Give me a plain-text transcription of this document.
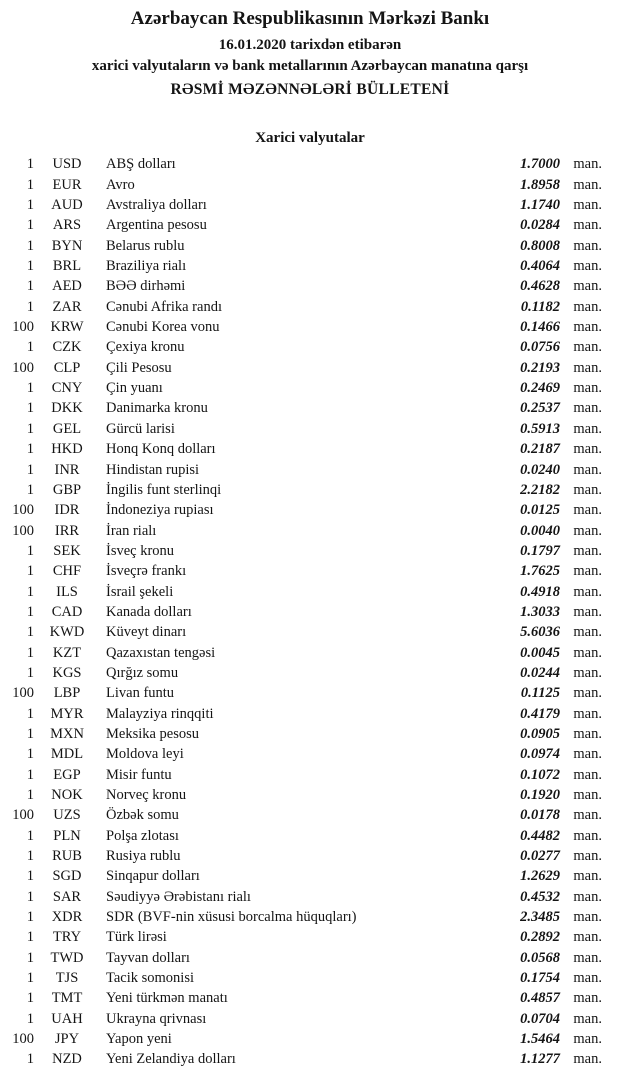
Azərbaycan Respublikasının Mərkəzi Bankı
16.01.2020 tarixdən etibarən
xarici valyutaların və bank metallarının Azərbaycan manatına qarşı
RƏSMİ MƏZƏNNƏLƏRİ BÜLLETENİ
Xarici valyutalar
1	USD	ABŞ dolları	1.7000 man.
1	EUR	Avro	1.8958 man.
1	AUD	Avstraliya dolları	1.1740 man.
1	ARS	Argentina pesosu	0.0284 man.
1	BYN	Belarus rublu	0.8008 man.
1	BRL	Braziliya rialı	0.4064 man.
1	AED	BƏƏ dirhəmi	0.4628 man.
1	ZAR	Cənubi Afrika randı	0.1182 man.
100	KRW	Cənubi Korea vonu	0.1466 man.
1	CZK	Çexiya kronu	0.0756 man.
100	CLP	Çili Pesosu	0.2193 man.
1	CNY	Çin yuanı	0.2469 man.
1	DKK	Danimarka kronu	0.2537 man.
1	GEL	Gürcü larisi	0.5913 man.
1	HKD	Honq Konq dolları	0.2187 man.
1	INR	Hindistan rupisi	0.0240 man.
1	GBP	İngilis funt sterlinqi	2.2182 man.
100	IDR	İndoneziya rupiası	0.0125 man.
100	IRR	İran rialı	0.0040 man.
1	SEK	İsveç kronu	0.1797 man.
1	CHF	İsveçrə frankı	1.7625 man.
1	ILS	İsrail şekeli	0.4918 man.
1	CAD	Kanada dolları	1.3033 man.
1	KWD	Küveyt dinarı	5.6036 man.
1	KZT	Qazaxıstan tengəsi	0.0045 man.
1	KGS	Qırğız somu	0.0244 man.
100	LBP	Livan funtu	0.1125 man.
1	MYR	Malayziya rinqqiti	0.4179 man.
1	MXN	Meksika pesosu	0.0905 man.
1	MDL	Moldova leyi	0.0974 man.
1	EGP	Misir funtu	0.1072 man.
1	NOK	Norveç kronu	0.1920 man.
100	UZS	Özbək somu	0.0178 man.
1	PLN	Polşa zlotası	0.4482 man.
1	RUB	Rusiya rublu	0.0277 man.
1	SGD	Sinqapur dolları	1.2629 man.
1	SAR	Səudiyyə Ərəbistanı rialı	0.4532 man.
1	XDR	SDR (BVF-nin xüsusi borcalma hüquqları)	2.3485 man.
1	TRY	Türk lirəsi	0.2892 man.
1	TWD	Tayvan dolları	0.0568 man.
1	TJS	Tacik somonisi	0.1754 man.
1	TMT	Yeni türkmən manatı	0.4857 man.
1	UAH	Ukrayna qrivnası	0.0704 man.
100	JPY	Yapon yeni	1.5464 man.
1	NZD	Yeni Zelandiya dolları	1.1277 man.
